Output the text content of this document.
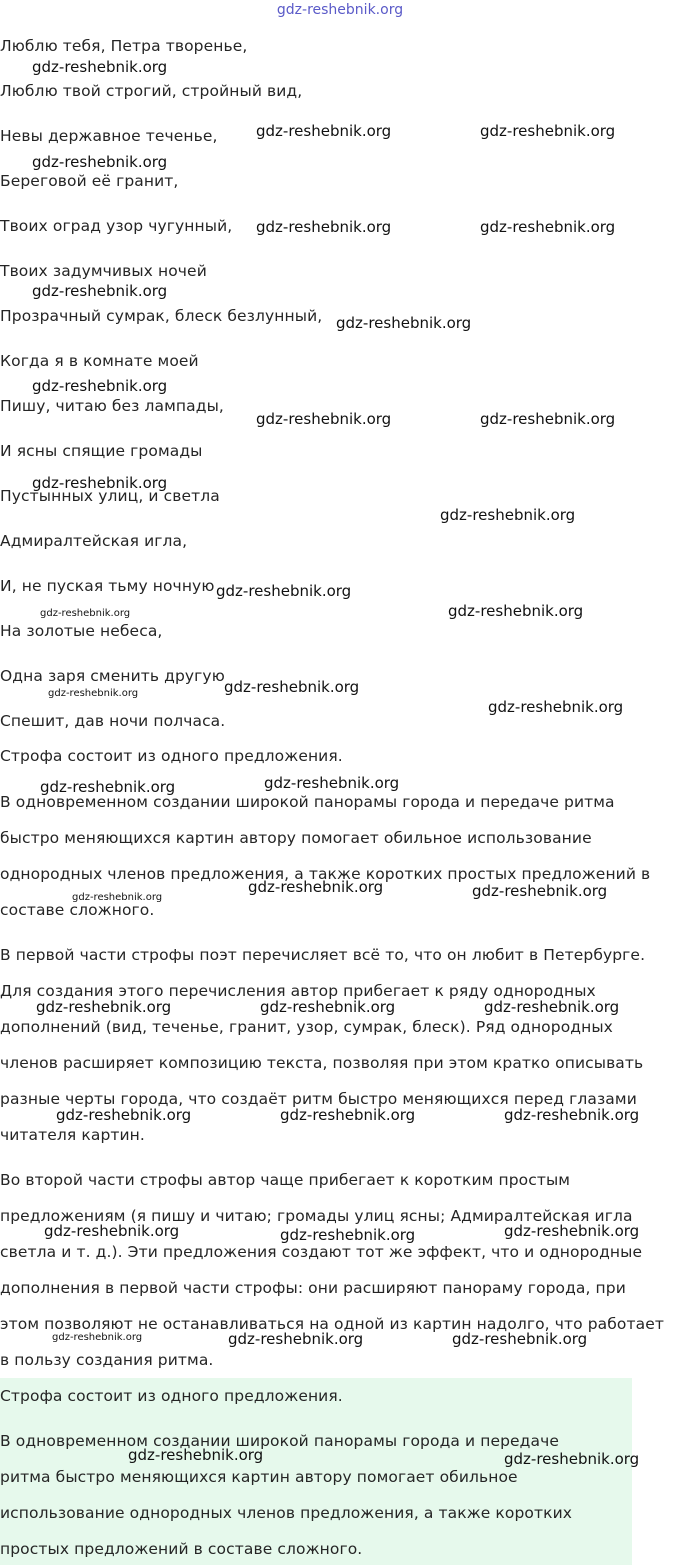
gdz-reshebnik.org
Люблю тебя, Петра творенье,
Люблю твой строгий, стройный вид,
Невы державное теченье,
Береговой её гранит,
Твоих оград узор чугунный,
Твоих задумчивых ночей
Прозрачный сумрак, блеск безлунный,
Когда я в комнате моей
Пишу, читаю без лампады,
И ясны спящие громады
Пустынных улиц, и светла
Адмиралтейская игла,
И, не пуская тьму ночную
На золотые небеса,
Одна заря сменить другую
Спешит, дав ночи полчаса.
Строфа состоит из одного предложения.
В одновременном создании широкой панорамы города и передаче ритма
быстро меняющихся картин автору помогает обильное использование
однородных членов предложения, а также коротких простых предложений в
составе сложного.
В первой части строфы поэт перечисляет всё то, что он любит в Петербурге.
Для создания этого перечисления автор прибегает к ряду однородных
дополнений (вид, теченье, гранит, узор, сумрак, блеск). Ряд однородных
членов расширяет композицию текста, позволяя при этом кратко описывать
разные черты города, что создаёт ритм быстро меняющихся перед глазами
читателя картин.
Во второй части строфы автор чаще прибегает к коротким простым
предложениям (я пишу и читаю; громады улиц ясны; Адмиралтейская игла
светла и т. д.). Эти предложения создают тот же эффект, что и однородные
дополнения в первой части строфы: они расширяют панораму города, при
этом позволяют не останавливаться на одной из картин надолго, что работает
в пользу создания ритма.
Строфа состоит из одного предложения.
В одновременном создании широкой панорамы города и передаче
ритма быстро меняющихся картин автору помогает обильное
использование однородных членов предложения, а также коротких
простых предложений в составе сложного.
gdz-reshebnik.org
gdz-reshebnik.org	gdz-reshebnik.org
gdz-reshebnik.org
gdz-reshebnik.org	gdz-reshebnik.org
gdz-reshebnik.org
gdz-reshebnik.org
gdz-reshebnik.org
gdz-reshebnik.org	gdz-reshebnik.org
gdz-reshebnik.org
gdz-reshebnik.org
gdz-reshebnik.org
gdz-reshebnik.org	gdz-reshebnik.org
gdz-reshebnik.org
gdz-reshebnik.org
gdz-reshebnik.org
gdz-reshebnik.org	gdz-reshebnik.org
gdz-reshebnik.org
gdz-reshebnik.org	gdz-reshebnik.org
gdz-reshebnik.org	gdz-reshebnik.org	gdz-reshebnik.org
gdz-reshebnik.org	gdz-reshebnik.org	gdz-reshebnik.org
gdz-reshebnik.org	gdz-reshebnik.org	gdz-reshebnik.org
gdz-reshebnik.org	gdz-reshebnik.org	gdz-reshebnik.org
gdz-reshebnik.org	gdz-reshebnik.org
